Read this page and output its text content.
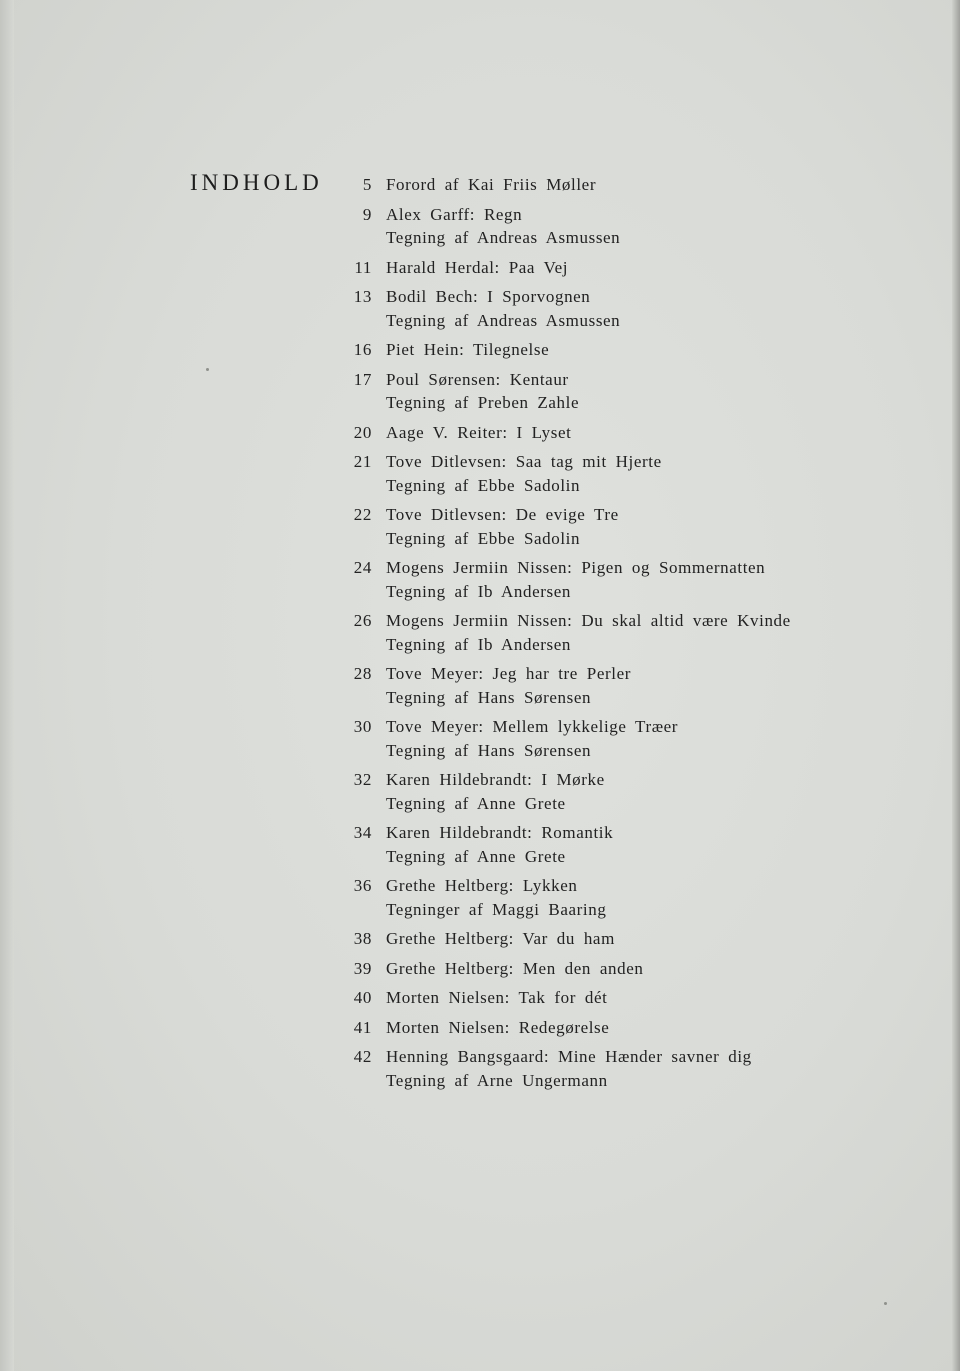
INDHOLD	5 Forord af Kai Friis Møller
9 Alex Garff: Regn
Tegning af Andreas Asmussen
11 Harald Herdal: Paa Vej
13 Bodil Bech: I Sporvognen
Tegning af Andreas Asmussen
16 Piet Hein: Tilegnelse
17 Poul Sørensen: Kentaur
Tegning af Preben Zahle
20 Aage V. Reiter: I Lyset
21 Tove Ditlevsen: Saa tag mit Hjerte
Tegning af Ebbe Sadolin
22 Tove Ditlevsen: De evige Tre
Tegning af Ebbe Sadolin
24 Mogens Jermiin Nissen: Pigen og Sommernatten
Tegning af Ib Andersen
26 Mogens Jermiin Nissen: Du skal altid være Kvinde
Tegning af Ib Andersen
28 Tove Meyer: Jeg har tre Perler
Tegning af Hans Sørensen
30 Tove Meyer: Mellem lykkelige Træer
Tegning af Hans Sørensen
32 Karen Hildebrandt: I Mørke
Tegning af Anne Grete
34 Karen Hildebrandt: Romantik
Tegning af Anne Grete
36 Grethe Heltberg: Lykken
Tegninger af Maggi Baaring
38 Grethe Heltberg: Var du ham
39 Grethe Heltberg: Men den anden
40 Morten Nielsen: Tak for dét
41 Morten Nielsen: Redegørelse
42 Henning Bangsgaard: Mine Hænder savner dig
Tegning af Arne Ungermann
